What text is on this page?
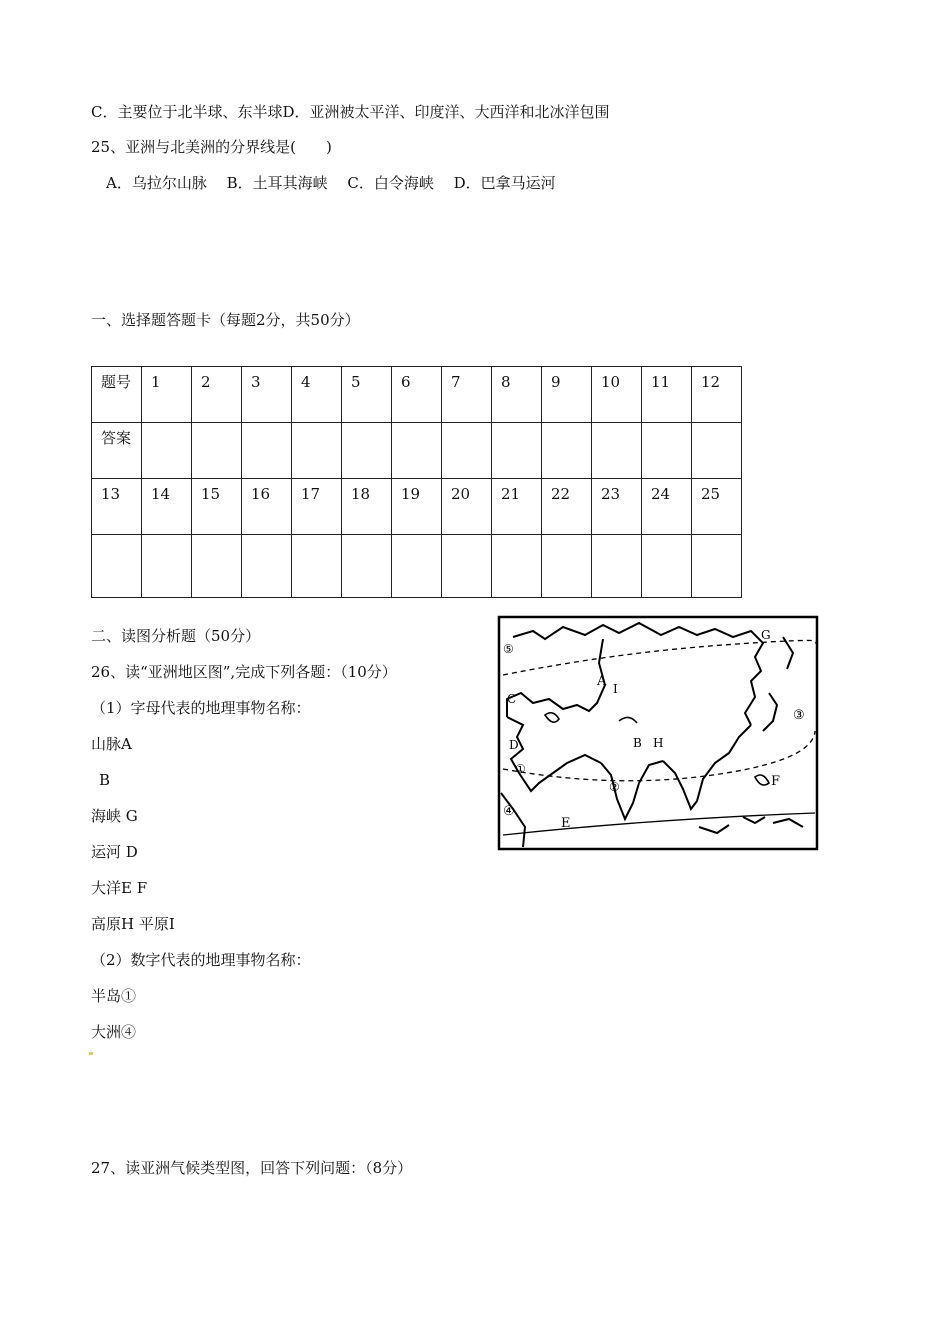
C．主要位于北半球、东半球D．亚洲被太平洋、印度洋、大西洋和北冰洋包围
25、亚洲与北美洲的分界线是(　　)
A．乌拉尔山脉　 B．土耳其海峡　 C．白令海峡　 D．巴拿马运河
一、选择题答题卡（每题2分，共50分）
题号	1	2	3	4	5	6	7	8	9	10	11	12
答案												
13	14	15	16	17	18	19	20	21	22	23	24	25

二、读图分析题（50分）
26、读“亚洲地区图”,完成下列各题：（10分）
（1）字母代表的地理事物名称：
山脉A
B
海峡 G
运河 D
大洋E F
高原H 平原I
（2）数字代表的地理事物名称：
半岛①
大洲④
27、读亚洲气候类型图，回答下列问题：（8分）
A I
G
C
D	B H
E
F
①
②
③
④
⑤
